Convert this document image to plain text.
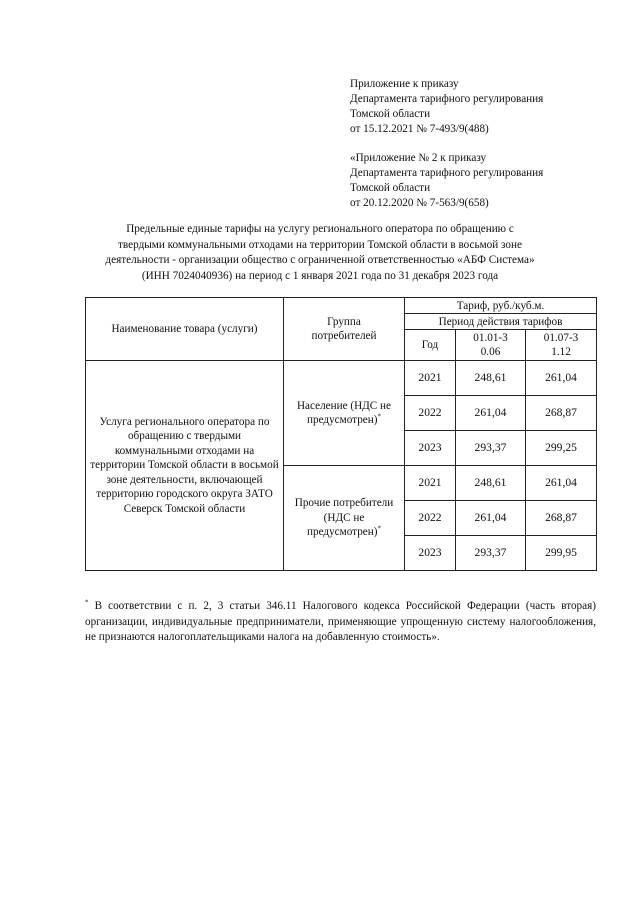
Приложение к приказу
Департамента тарифного регулирования
Томской области
от 15.12.2021 № 7-493/9(488)
«Приложение № 2 к приказу
Департамента тарифного регулирования
Томской области
от 20.12.2020 № 7-563/9(658)
Предельные единые тарифы на услугу регионального оператора по обращению с
твердыми коммунальными отходами на территории Томской области в восьмой зоне
деятельности - организации общество с ограниченной ответственностью «АБФ Система»
(ИНН 7024040936) на период с 1 января 2021 года по 31 декабря 2023 года
Наименование товара (услуги)	Группа потребителей	Тариф, руб./куб.м.		
		Период действия тарифов		
		Год	01.01-30.06	01.07-31.12
Услуга регионального оператора по обращению с твердыми коммунальными отходами на территории Томской области в восьмой зоне деятельности, включающей территорию городского округа ЗАТО Северск Томской области	Население (НДС не предусмотрен)*	2021	248,61	261,04
		2022	261,04	268,87
		2023	293,37	299,25
	Прочие потребители (НДС не предусмотрен)*	2021	248,61	261,04
		2022	261,04	268,87
		2023	293,37	299,95
* В соответствии с п. 2, 3 статьи 346.11 Налогового кодекса Российской Федерации (часть вторая) организации, индивидуальные предприниматели, применяющие упрощенную систему налогообложения, не признаются налогоплательщиками налога на добавленную стоимость».
